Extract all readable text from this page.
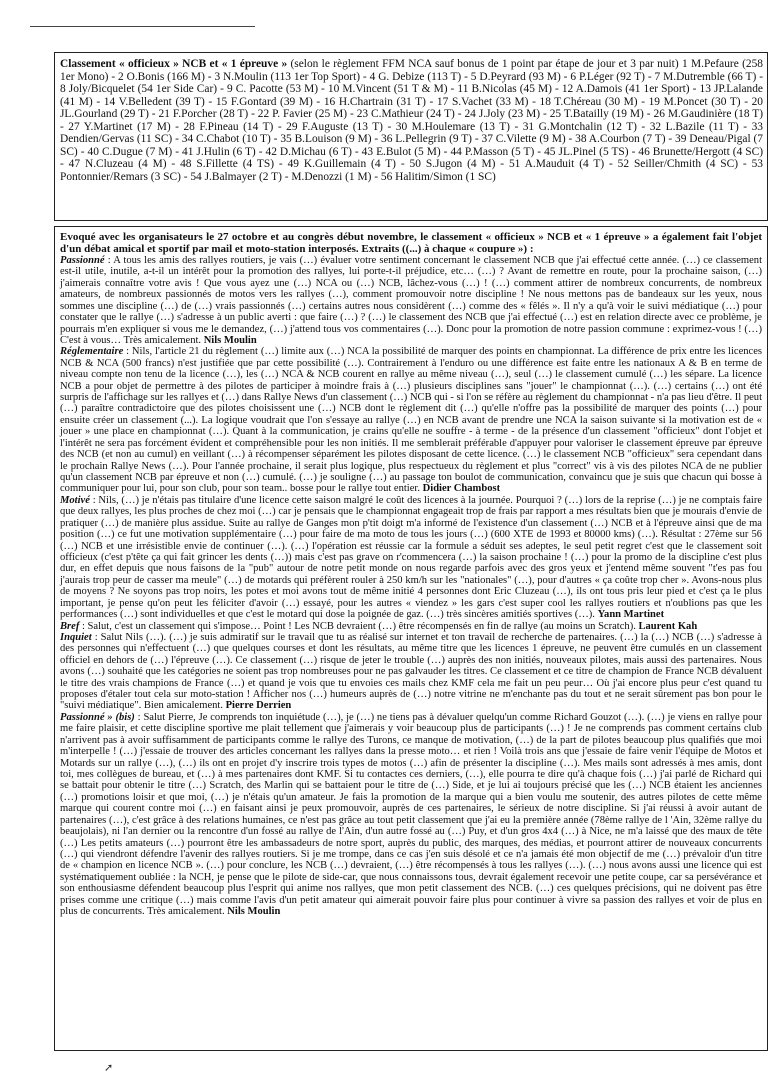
Classement « officieux » NCB et « 1 épreuve » (selon le règlement FFM NCA sauf bonus de 1 point par étape de jour et 3 par nuit) 1 M.Pefaure (258 1er Mono) - 2 O.Bonis (166 M) - 3 N.Moulin (113 1er Top Sport) - 4 G. Debize (113 T) - 5 D.Peyrard (93 M) - 6 P.Léger (92 T) - 7 M.Dutremble (66 T) - 8 Joly/Bicquelet (54 1er Side Car) - 9 C. Pacotte (53 M) - 10 M.Vincent (51 T & M) - 11 B.Nicolas (45 M) - 12 A.Damois (41 1er Sport) - 13 JP.Lalande (41 M) - 14 V.Belledent (39 T) - 15 F.Gontard (39 M) - 16 H.Chartrain (31 T) - 17 S.Vachet (33 M) - 18 T.Chéreau (30 M) - 19 M.Poncet (30 T) - 20 JL.Gourland (29 T) - 21 F.Porcher (28 T) - 22 P. Favier (25 M) - 23 C.Mathieur (24 T) - 24 J.Joly (23 M) - 25 T.Batailly (19 M) - 26 M.Gaudinière (18 T) - 27 Y.Martinet (17 M) - 28 F.Pineau (14 T) - 29 F.Auguste (13 T) - 30 M.Houlemare (13 T) - 31 G.Montchalin (12 T) - 32 L.Bazile (11 T) - 33 Dendien/Gervas (11 SC) - 34 C.Chabot (10 T) - 35 B.Louison (9 M) - 36 L.Pellegrin (9 T) - 37 C.Vilette (9 M) - 38 A.Courbon (7 T) - 39 Deneau/Pigal (7 SC) - 40 C.Dugue (7 M) - 41 J.Hulin (6 T) - 42 D.Michau (6 T) - 43 E.Bulot (5 M) - 44 P.Masson (5 T) - 45 JL.Pinel (5 TS) - 46 Brunette/Hergott (4 SC) - 47 N.Cluzeau (4 M) - 48 S.Fillette (4 TS) - 49 K.Guillemain (4 T) - 50 S.Jugon (4 M) - 51 A.Mauduit (4 T) - 52 Seiller/Chmith (4 SC) - 53 Pontonnier/Remars (3 SC) - 54 J.Balmayer (2 T) - M.Denozzi (1 M) - 56 Halitim/Simon (1 SC)

Evoqué avec les organisateurs le 27 octobre et au congrès début novembre, le classement « officieux » NCB et « 1 épreuve » a également fait l'objet d'un débat amical et sportif par mail et moto-station interposés. Extraits ((...) à chaque « coupure ») :

Passionné : A tous les amis des rallyes routiers, je vais (…) évaluer votre sentiment concernant le classement NCB que j'ai effectué cette année. (…) ce classement est-il utile, inutile, a-t-il un intérêt pour la promotion des rallyes, lui porte-t-il préjudice, etc… (…) ? Avant de remettre en route, pour la prochaine saison, (…) j'aimerais connaître votre avis ! Que vous ayez une (…) NCA ou (…) NCB, lâchez-vous (…) ! (…) comment attirer de nombreux concurrents, de nombreux amateurs, de nombreux passionnés de motos vers les rallyes (…), comment promouvoir notre discipline ! Ne nous mettons pas de bandeaux sur les yeux, nous sommes une discipline (…) de (…) vrais passionnés (…) certains autres nous considèrent (…) comme des « fêlés ». Il n'y a qu'à voir le suivi médiatique (…) pour constater que le rallye (…) s'adresse à un public averti : que faire (…) ? (…) le classement des NCB que j'ai effectué (…) est en relation directe avec ce problème, je pourrais m'en expliquer si vous me le demandez, (…) j'attend tous vos commentaires (…). Donc pour la promotion de notre passion commune : exprimez-vous ! (…) C'est à vous… Très amicalement. Nils Moulin

Réglementaire : Nils, l'article 21 du règlement (…) limite aux (…) NCA la possibilité de marquer des points en championnat. La différence de prix entre les licences NCB & NCA (500 francs) n'est justifiée que par cette possibilité (…). Contrairement à l'enduro ou une différence est faite entre les nationaux A & B en terme de niveau compte non tenu de la licence (…), les (…) NCA & NCB courent en rallye au même niveau (…), seul (…) le classement cumulé (…) les sépare. La licence NCB a pour objet de permettre à des pilotes de participer à moindre frais à (…) plusieurs disciplines sans "jouer" le championnat (…). (…) certains (…) ont été surpris de l'affichage sur les rallyes et (…) dans Rallye News d'un classement (…) NCB qui - si l'on se réfère au règlement du championnat - n'a pas lieu d'être. Il peut (…) paraître contradictoire que des pilotes choisissent une (…) NCB dont le règlement dit (…) qu'elle n'offre pas la possibilité de marquer des points (…) pour ensuite créer un classement (...). La logique voudrait que l'on s'essaye au rallye (…) en NCB avant de prendre une NCA la saison suivante si la motivation est de « jouer » une place en championnat (…). Quant à la communication, je crains qu'elle ne souffre - à terme - de la présence d'un classement "officieux" dont l'objet et l'intérêt ne sera pas forcément évident et compréhensible pour les non initiés. Il me semblerait préférable d'appuyer pour valoriser le classement épreuve par épreuve des NCB (et non au cumul) en veillant (…) à récompenser séparément les pilotes disposant de cette licence. (…) le classement NCB "officieux" sera cependant dans le prochain Rallye News (…). Pour l'année prochaine, il serait plus logique, plus respectueux du règlement et plus "correct" vis à vis des pilotes NCA de ne publier qu'un classement NCB par épreuve et non (…) cumulé. (…) je souligne (…) au passage ton boulot de communication, convaincu que je suis que chacun qui bosse à communiquer pour lui, pour son club, pour son team.. bosse pour le rallye tout entier. Didier Chambost

Motivé : Nils, (…) je n'étais pas titulaire d'une licence cette saison malgré le coût des licences à la journée. Pourquoi ? (…) lors de la reprise (…) je ne comptais faire que deux rallyes, les plus proches de chez moi (…) car je pensais que le championnat engageait trop de frais par rapport a mes résultats bien que je mourais d'envie de pratiquer (…) de manière plus assidue. Suite au rallye de Ganges mon p'tit doigt m'a informé de l'existence d'un classement (…) NCB et à l'épreuve ainsi que de ma position (…) ce fut une motivation supplémentaire (…) pour faire de ma moto de tous les jours (…) (600 XTE de 1993 et 80000 kms) (…). Résultat : 27ème sur 56 (…) NCB et une irrésistible envie de continuer (…). (…) l'opération est réussie car la formule a séduit ses adeptes, le seul petit regret c'est que le classement soit officieux (c'est p'tête ça qui fait grincer les dents (…)) mais c'est pas grave on r'commencera (…) la saison prochaine ! (…) pour la promo de la discipline c'est plus dur, en effet depuis que nous faisons de la "pub" autour de notre petit monde on nous regarde parfois avec des gros yeux et j'entend même souvent "t'es pas fou j'aurais trop peur de casser ma meule" (…) de motards qui préfèrent rouler à 250 km/h sur les "nationales" (…), pour d'autres « ça coûte trop cher ». Avons-nous plus de moyens ? Ne soyons pas trop noirs, les potes et moi avons tout de même initié 4 personnes dont Eric Cluzeau (…), ils ont tous pris leur pied et c'est ça le plus important, je pense qu'on peut les féliciter d'avoir (…) essayé, pour les autres « viendez » les gars c'est super cool les rallyes routiers et n'oublions pas que les performances (…) sont individuelles et que c'est le motard qui dose la poignée de gaz. (…) très sincères amitiés sportives (…). Yann Martinet

Bref : Salut, c'est un classement qui s'impose… Point ! Les NCB devraient (…) être récompensés en fin de rallye (au moins un Scratch). Laurent Kah

Inquiet : Salut Nils (…). (…) je suis admiratif sur le travail que tu as réalisé sur internet et ton travail de recherche de partenaires. (…) la (…) NCB (…) s'adresse à des personnes qui n'effectuent (…) que quelques courses et dont les résultats, au même titre que les licences 1 épreuve, ne peuvent être cumulés en un classement officiel en dehors de (…) l'épreuve (…). Ce classement (…) risque de jeter le trouble (…) auprès des non initiés, nouveaux pilotes, mais aussi des partenaires. Nous avons (…) souhaité que les catégories ne soient pas trop nombreuses pour ne pas galvauder les titres. Ce classement et ce titre de champion de France NCB dévaluent le titre des vrais champions de France (…) et quand je vois que tu envoies ces mails chez KMF cela me fait un peu peur… Où j'ai encore plus peur c'est quand tu proposes d'étaler tout cela sur moto-station ! Afficher nos (…) humeurs auprès de (…) notre vitrine ne m'enchante pas du tout et ne serait sûrement pas bon pour le "suivi médiatique". Bien amicalement. Pierre Derrien

Passionné » (bis) : Salut Pierre, Je comprends ton inquiétude (…), je (…) ne tiens pas à dévaluer quelqu'un comme Richard Gouzot (…). (…) je viens en rallye pour me faire plaisir, et cette discipline sportive me plait tellement que j'aimerais y voir beaucoup plus de participants (…) ! Je ne comprends pas comment certains club n'arrivent pas à avoir suffisamment de participants comme le rallye des Turons, ce manque de motivation, (…) de la part de pilotes beaucoup plus qualifiés que moi m'interpelle ! (…) j'essaie de trouver des articles concernant les rallyes dans la presse moto… et rien ! Voilà trois ans que j'essaie de faire venir l'équipe de Motos et Motards sur un rallye (…), (…) ils ont en projet d'y inscrire trois types de motos (…) afin de présenter la discipline (…). Mes mails sont adressés à mes amis, dont toi, mes collègues de bureau, et (…) à mes partenaires dont KMF. Si tu contactes ces derniers, (…), elle pourra te dire qu'à chaque fois (…) j'ai parlé de Richard qui se battait pour obtenir le titre (…) Scratch, des Marlin qui se battaient pour le titre de (…) Side, et je lui ai toujours précisé que les (…) NCB étaient les anciennes (…) promotions loisir et que moi, (…) je n'étais qu'un amateur. Je fais la promotion de la marque qui a bien voulu me soutenir, des autres pilotes de cette même marque qui courent contre moi (…) en faisant ainsi je peux promouvoir, auprès de ces partenaires, le sérieux de notre discipline. Si j'ai réussi à avoir autant de partenaires (…), c'est grâce à des relations humaines, ce n'est pas grâce au tout petit classement que j'ai eu la première année (78ème rallye de l 'Ain, 32ème rallye du beaujolais), ni l'an dernier ou la rencontre d'un fossé au rallye de l'Ain, d'un autre fossé au (…) Puy, et d'un gros 4x4 (…) à Nice, ne m'a laissé que des maux de tête (…) Les petits amateurs (…) pourront être les ambassadeurs de notre sport, auprès du public, des marques, des médias, et pourront attirer de nouveaux concurrents (…) qui viendront défendre l'avenir des rallyes routiers. Si je me trompe, dans ce cas j'en suis désolé et ce n'a jamais été mon objectif de me (…) prévaloir d'un titre de « champion en licence NCB ». (…) pour conclure, les NCB (…) devraient, (…) être récompensés à tous les rallyes (…). (…) nous avons aussi une licence qui est systématiquement oubliée : la NCH, je pense que le pilote de side-car, que nous connaissons tous, devrait également recevoir une petite coupe, car sa persévérance et son enthousiasme défendent beaucoup plus l'esprit qui anime nos rallyes, que mon petit classement des NCB. (…) ces quelques précisions, qui ne doivent pas être prises comme une critique (…) mais comme l'avis d'un petit amateur qui aimerait pouvoir faire plus pour continuer à vivre sa passion des rallyes et voir de plus en plus de concurrents. Très amicalement. Nils Moulin

➚
